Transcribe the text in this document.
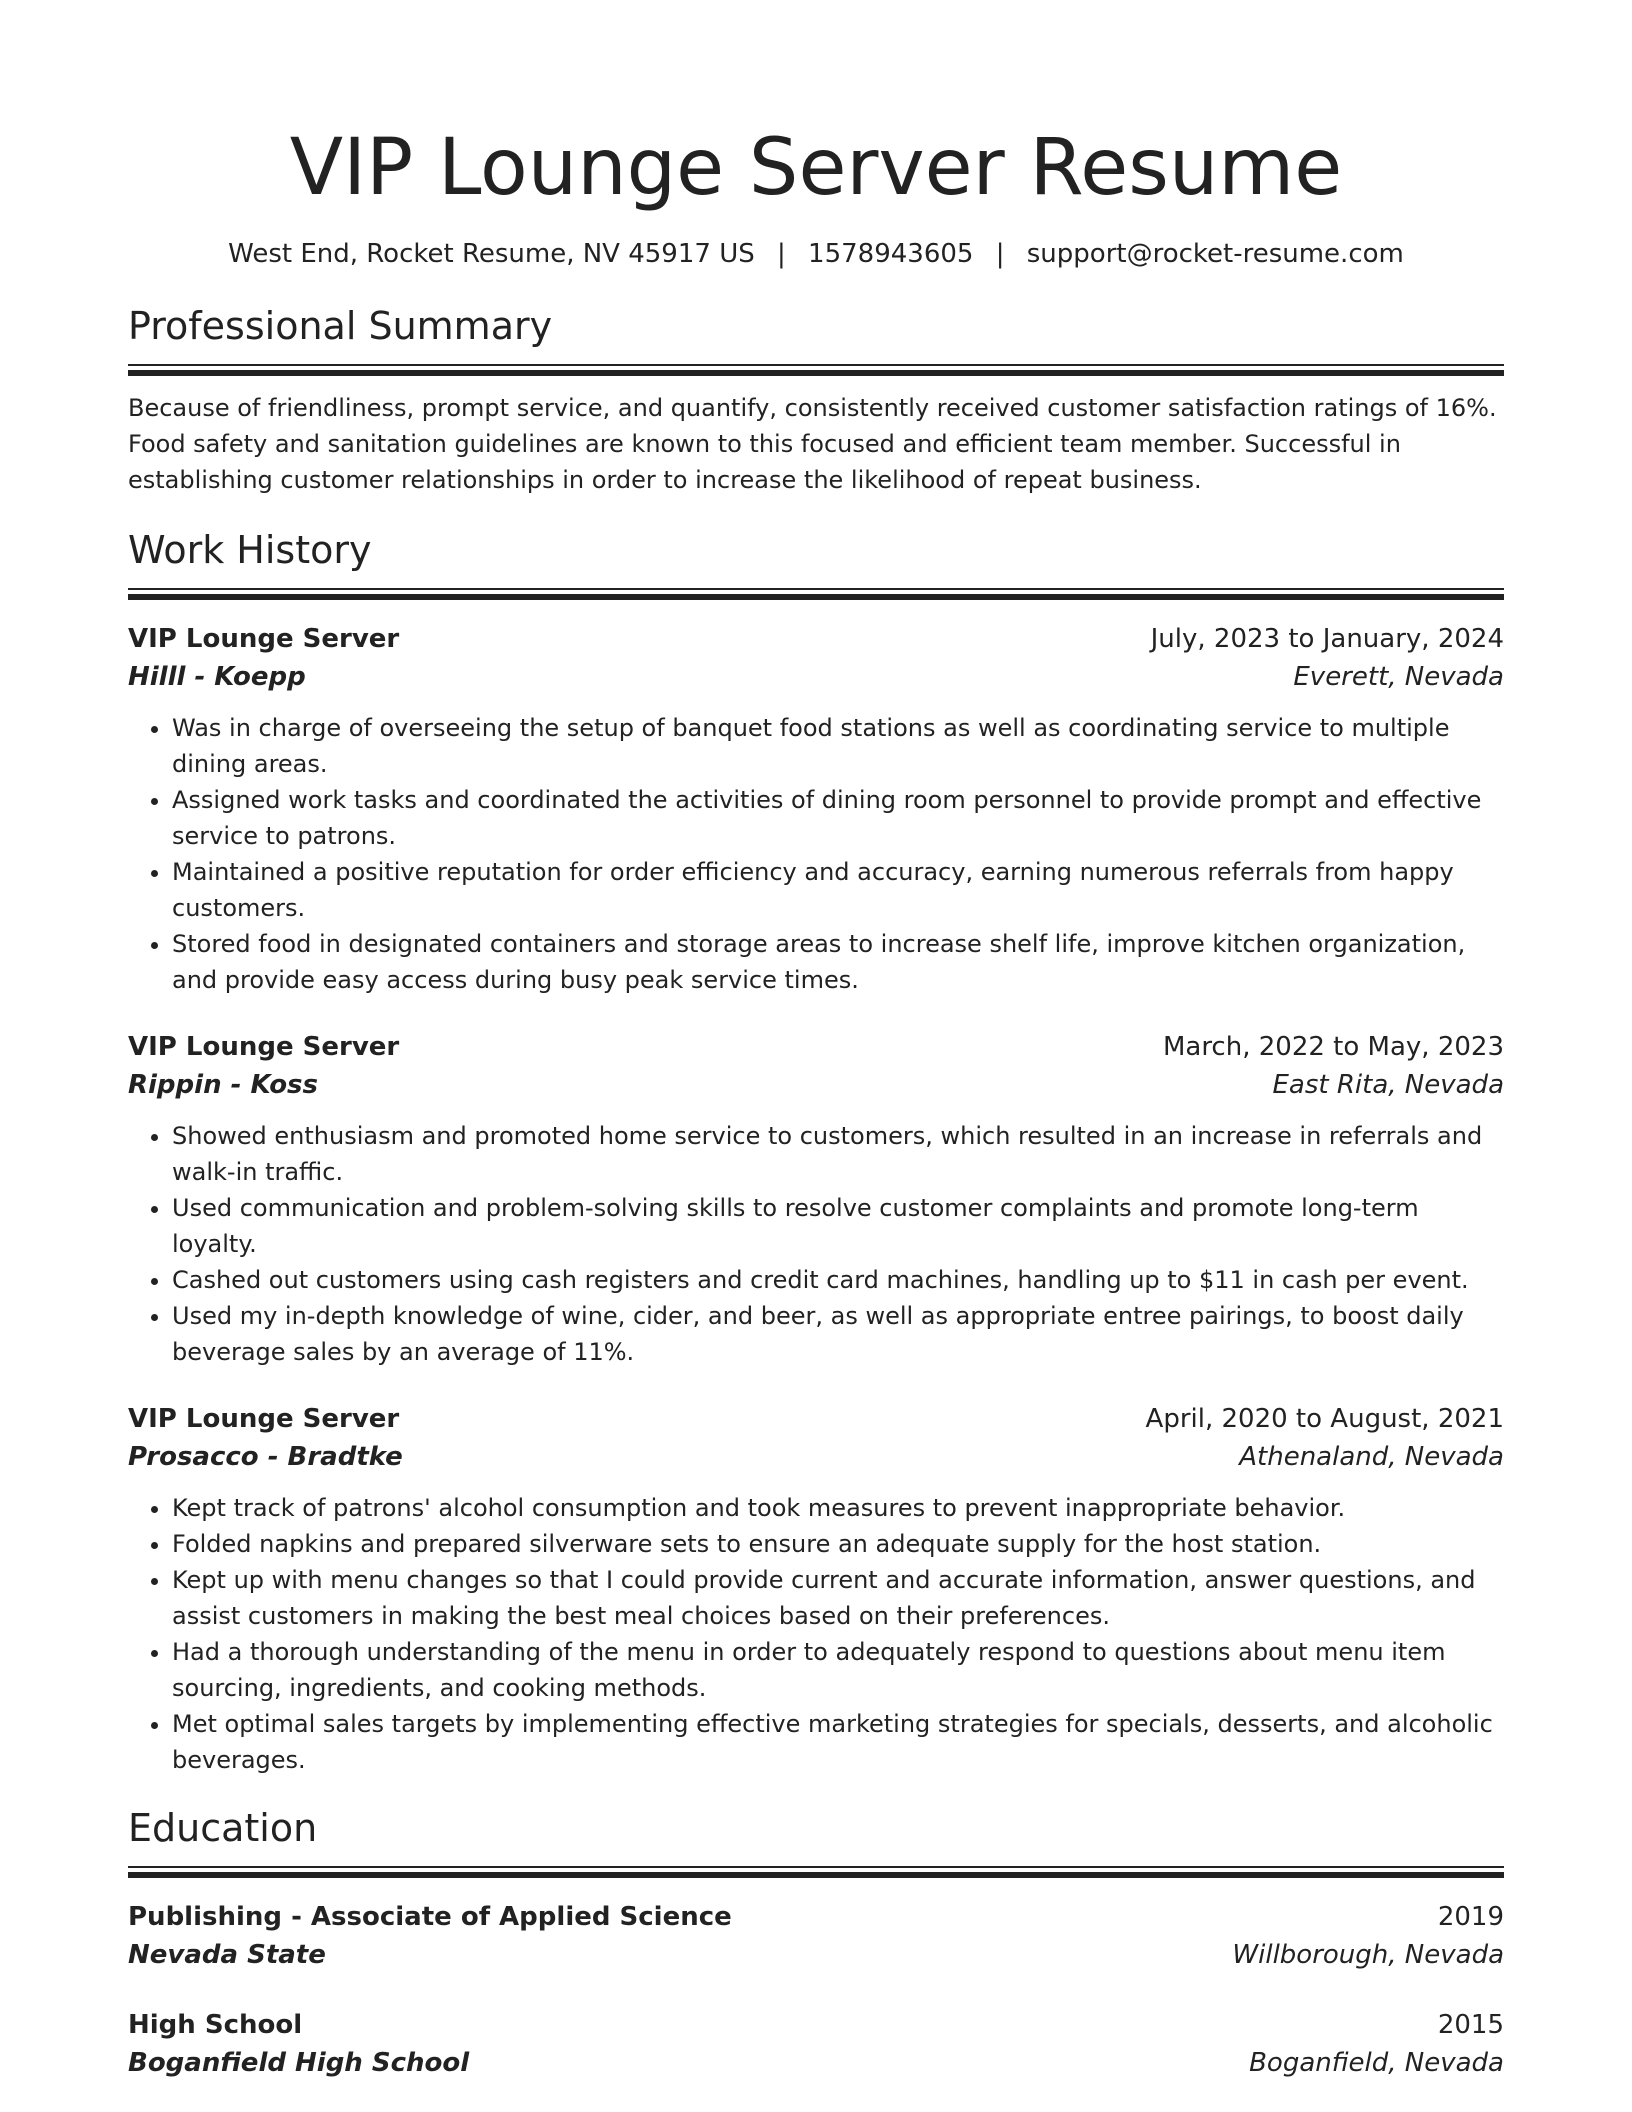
VIP Lounge Server Resume
West End, Rocket Resume, NV 45917 US | 1578943605 | support@rocket-resume.com
Professional Summary
Because of friendliness, prompt service, and quantify, consistently received customer satisfaction ratings of 16%. Food safety and sanitation guidelines are known to this focused and efficient team member. Successful in establishing customer relationships in order to increase the likelihood of repeat business.
Work History
VIP Lounge Server	July, 2023 to January, 2024
Hilll - Koepp	Everett, Nevada
• Was in charge of overseeing the setup of banquet food stations as well as coordinating service to multiple dining areas.
• Assigned work tasks and coordinated the activities of dining room personnel to provide prompt and effective service to patrons.
• Maintained a positive reputation for order efficiency and accuracy, earning numerous referrals from happy customers.
• Stored food in designated containers and storage areas to increase shelf life, improve kitchen organization, and provide easy access during busy peak service times.
VIP Lounge Server	March, 2022 to May, 2023
Rippin - Koss	East Rita, Nevada
• Showed enthusiasm and promoted home service to customers, which resulted in an increase in referrals and walk-in traffic.
• Used communication and problem-solving skills to resolve customer complaints and promote long-term loyalty.
• Cashed out customers using cash registers and credit card machines, handling up to $11 in cash per event.
• Used my in-depth knowledge of wine, cider, and beer, as well as appropriate entree pairings, to boost daily beverage sales by an average of 11%.
VIP Lounge Server	April, 2020 to August, 2021
Prosacco - Bradtke	Athenaland, Nevada
• Kept track of patrons' alcohol consumption and took measures to prevent inappropriate behavior.
• Folded napkins and prepared silverware sets to ensure an adequate supply for the host station.
• Kept up with menu changes so that I could provide current and accurate information, answer questions, and assist customers in making the best meal choices based on their preferences.
• Had a thorough understanding of the menu in order to adequately respond to questions about menu item sourcing, ingredients, and cooking methods.
• Met optimal sales targets by implementing effective marketing strategies for specials, desserts, and alcoholic beverages.
Education
Publishing - Associate of Applied Science	2019
Nevada State	Willborough, Nevada
High School	2015
Boganfield High School	Boganfield, Nevada
